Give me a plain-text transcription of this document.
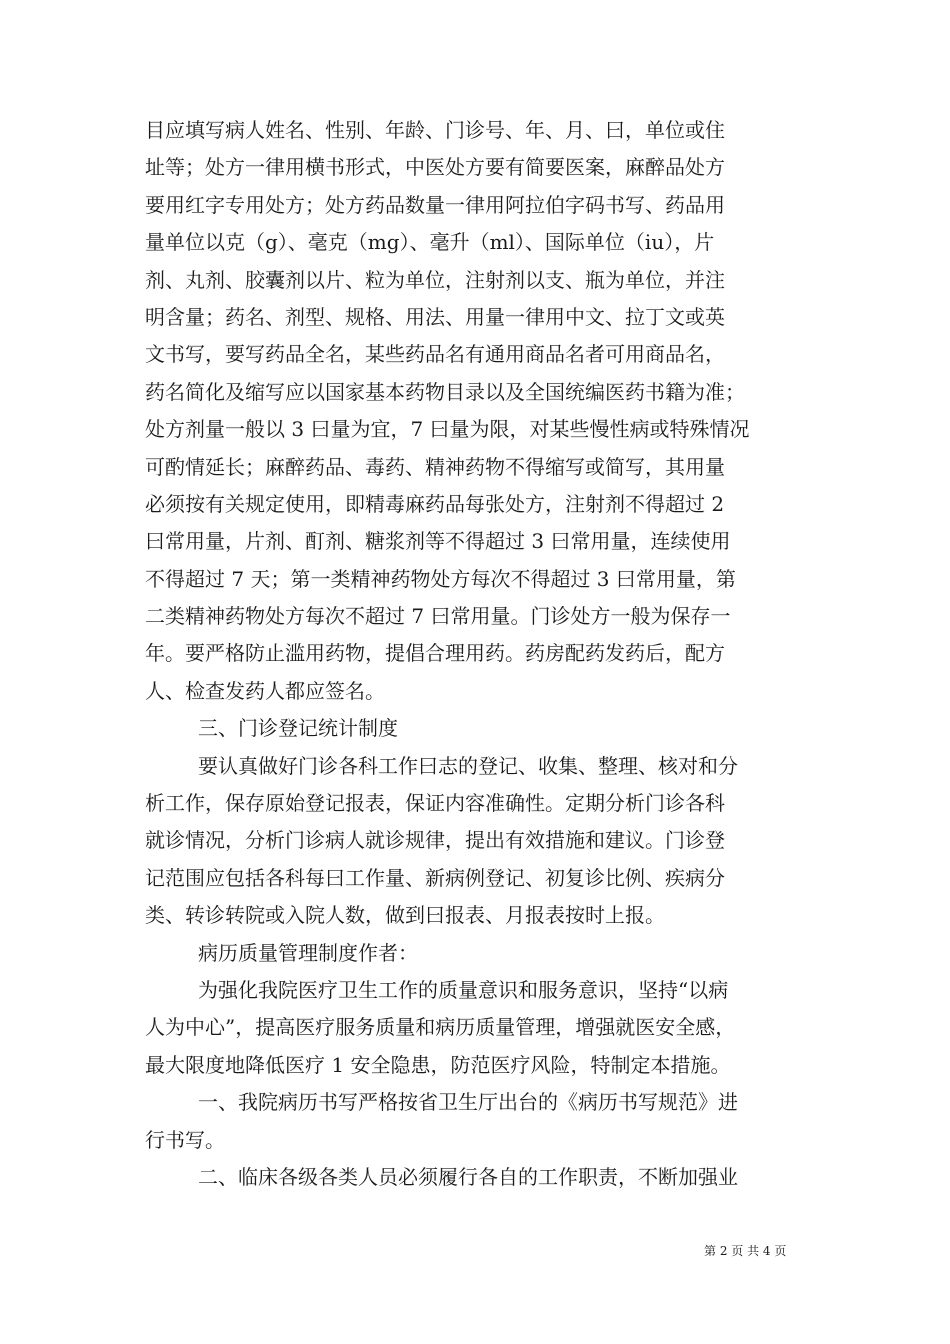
目应填写病人姓名、性别、年龄、门诊号、年、月、曰，单位或住
址等；处方一律用横书形式，中医处方要有简要医案，麻醉品处方
要用红字专用处方；处方药品数量一律用阿拉伯字码书写、药品用
量单位以克（g）、毫克（mg）、毫升（ml）、国际单位（iu），片
剂、丸剂、胶囊剂以片、粒为单位，注射剂以支、瓶为单位，并注
明含量；药名、剂型、规格、用法、用量一律用中文、拉丁文或英
文书写，要写药品全名，某些药品名有通用商品名者可用商品名，
药名简化及缩写应以国家基本药物目录以及全国统编医药书籍为准；
处方剂量一般以 3 曰量为宜，7 曰量为限，对某些慢性病或特殊情况
可酌情延长；麻醉药品、毒药、精神药物不得缩写或简写，其用量
必须按有关规定使用，即精毒麻药品每张处方，注射剂不得超过 2
曰常用量，片剂、酊剂、糖浆剂等不得超过 3 曰常用量，连续使用
不得超过 7 天；第一类精神药物处方每次不得超过 3 曰常用量，第
二类精神药物处方每次不超过 7 曰常用量。门诊处方一般为保存一
年。要严格防止滥用药物，提倡合理用药。药房配药发药后，配方
人、检查发药人都应签名。
三、门诊登记统计制度
要认真做好门诊各科工作曰志的登记、收集、整理、核对和分
析工作，保存原始登记报表，保证内容准确性。定期分析门诊各科
就诊情况，分析门诊病人就诊规律，提出有效措施和建议。门诊登
记范围应包括各科每曰工作量、新病例登记、初复诊比例、疾病分
类、转诊转院或入院人数，做到曰报表、月报表按时上报。
病历质量管理制度作者：
为强化我院医疗卫生工作的质量意识和服务意识，坚持“以病
人为中心”，提高医疗服务质量和病历质量管理，增强就医安全感，
最大限度地降低医疗 1 安全隐患，防范医疗风险，特制定本措施。
一、我院病历书写严格按省卫生厅出台的《病历书写规范》进
行书写。
二、临床各级各类人员必须履行各自的工作职责，不断加强业
第 2 页 共 4 页
